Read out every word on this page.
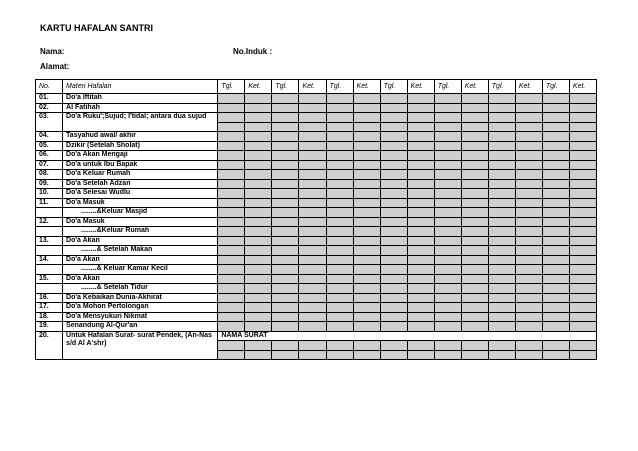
KARTU HAFALAN SANTRI
Nama:	No.Induk :
Alamat:
No.	Materi Hafalan	Tgl.	Ket.	Tgl.	Ket.	Tgl.	Ket.	Tgl.	Ket.	Tgl.	Ket.	Tgl.	Ket.	Tgl.	Ket.
01.	Do'a Iftitah														
02.	Al Fatihah														
03.	Do'a Ruku';Sujud; I'tidal; antara dua sujud														

04.	Tasyahud awal/ akhir														
05.	Dzikir (Setelah Sholat)														
06.	Do'a Akan Mengaji														
07.	Do'a untuk Ibu Bapak														
08.	Do'a Keluar Rumah														
09.	Do'a Setelah Adzan														
10.	Do'a Selesai Wudlu														
11.	Do'a Masuk														
	........&Keluar Masjid														
12.	Do'a Masuk														
	........&Keluar Rumah														
13.	Do'a Akan														
	........& Setelah Makan														
14.	Do'a Akan														
	........& Keluar Kamar Kecil														
15.	Do'a Akan														
	........& Setelah Tidur														
16.	Do'a Kebaikan Dunia-Akhirat														
17.	Do'a Mohon Pertolongan														
18.	Do'a Mensyukuri Nikmat														
19.	Senandung Al-Qur'an														
20.	Untuk Hafalan Surat- surat Pendek, (An-Nas s/d Al A'shr)	NAMA SURAT													
